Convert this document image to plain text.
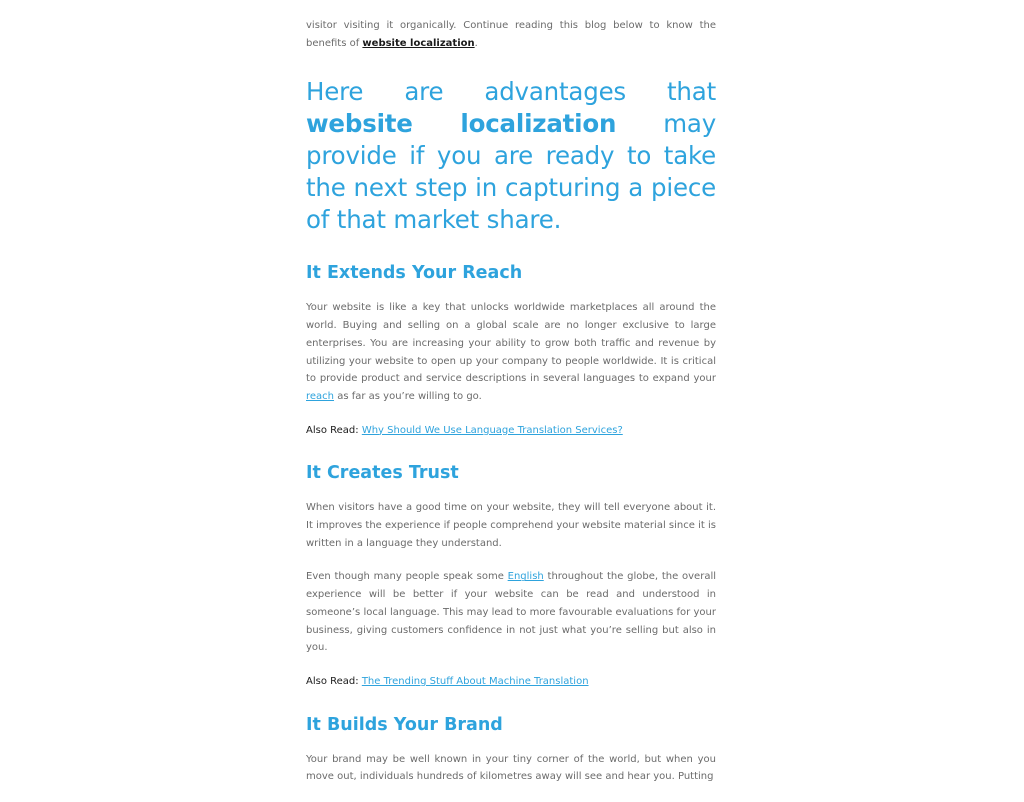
visitor visiting it organically. Continue reading this blog below to know the benefits of website localization.

Here are advantages that website localization may provide if you are ready to take the next step in capturing a piece of that market share.
It Extends Your Reach

Your website is like a key that unlocks worldwide marketplaces all around the world. Buying and selling on a global scale are no longer exclusive to large enterprises. You are increasing your ability to grow both traffic and revenue by utilizing your website to open up your company to people worldwide. It is critical to provide product and service descriptions in several languages to expand your reach as far as you’re willing to go.

Also Read: Why Should We Use Language Translation Services?
It Creates Trust

When visitors have a good time on your website, they will tell everyone about it. It improves the experience if people comprehend your website material since it is written in a language they understand.

Even though many people speak some English throughout the globe, the overall experience will be better if your website can be read and understood in someone’s local language. This may lead to more favourable evaluations for your business, giving customers confidence in not just what you’re selling but also in you.

Also Read: The Trending Stuff About Machine Translation
It Builds Your Brand

Your brand may be well known in your tiny corner of the world, but when you move out, individuals hundreds of kilometres away will see and hear you. Putting
